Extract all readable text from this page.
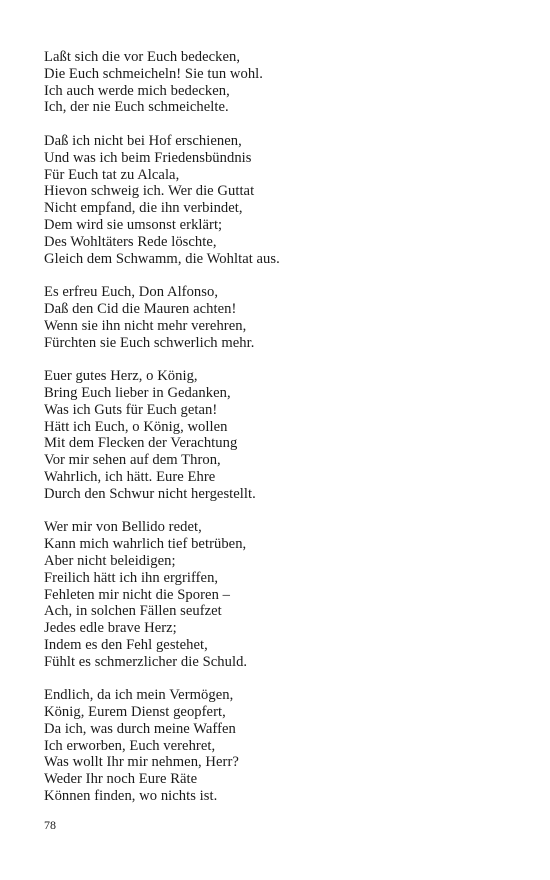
Laßt sich die vor Euch bedecken,
Die Euch schmeicheln! Sie tun wohl.
Ich auch werde mich bedecken,
Ich, der nie Euch schmeichelte.
Daß ich nicht bei Hof erschienen,
Und was ich beim Friedensbündnis
Für Euch tat zu Alcala,
Hievon schweig ich. Wer die Guttat
Nicht empfand, die ihn verbindet,
Dem wird sie umsonst erklärt;
Des Wohltäters Rede löschte,
Gleich dem Schwamm, die Wohltat aus.
Es erfreu Euch, Don Alfonso,
Daß den Cid die Mauren achten!
Wenn sie ihn nicht mehr verehren,
Fürchten sie Euch schwerlich mehr.
Euer gutes Herz, o König,
Bring Euch lieber in Gedanken,
Was ich Guts für Euch getan!
Hätt ich Euch, o König, wollen
Mit dem Flecken der Verachtung
Vor mir sehen auf dem Thron,
Wahrlich, ich hätt. Eure Ehre
Durch den Schwur nicht hergestellt.
Wer mir von Bellido redet,
Kann mich wahrlich tief betrüben,
Aber nicht beleidigen;
Freilich hätt ich ihn ergriffen,
Fehleten mir nicht die Sporen –
Ach, in solchen Fällen seufzet
Jedes edle brave Herz;
Indem es den Fehl gestehet,
Fühlt es schmerzlicher die Schuld.
Endlich, da ich mein Vermögen,
König, Eurem Dienst geopfert,
Da ich, was durch meine Waffen
Ich erworben, Euch verehret,
Was wollt Ihr mir nehmen, Herr?
Weder Ihr noch Eure Räte
Können finden, wo nichts ist.
78
